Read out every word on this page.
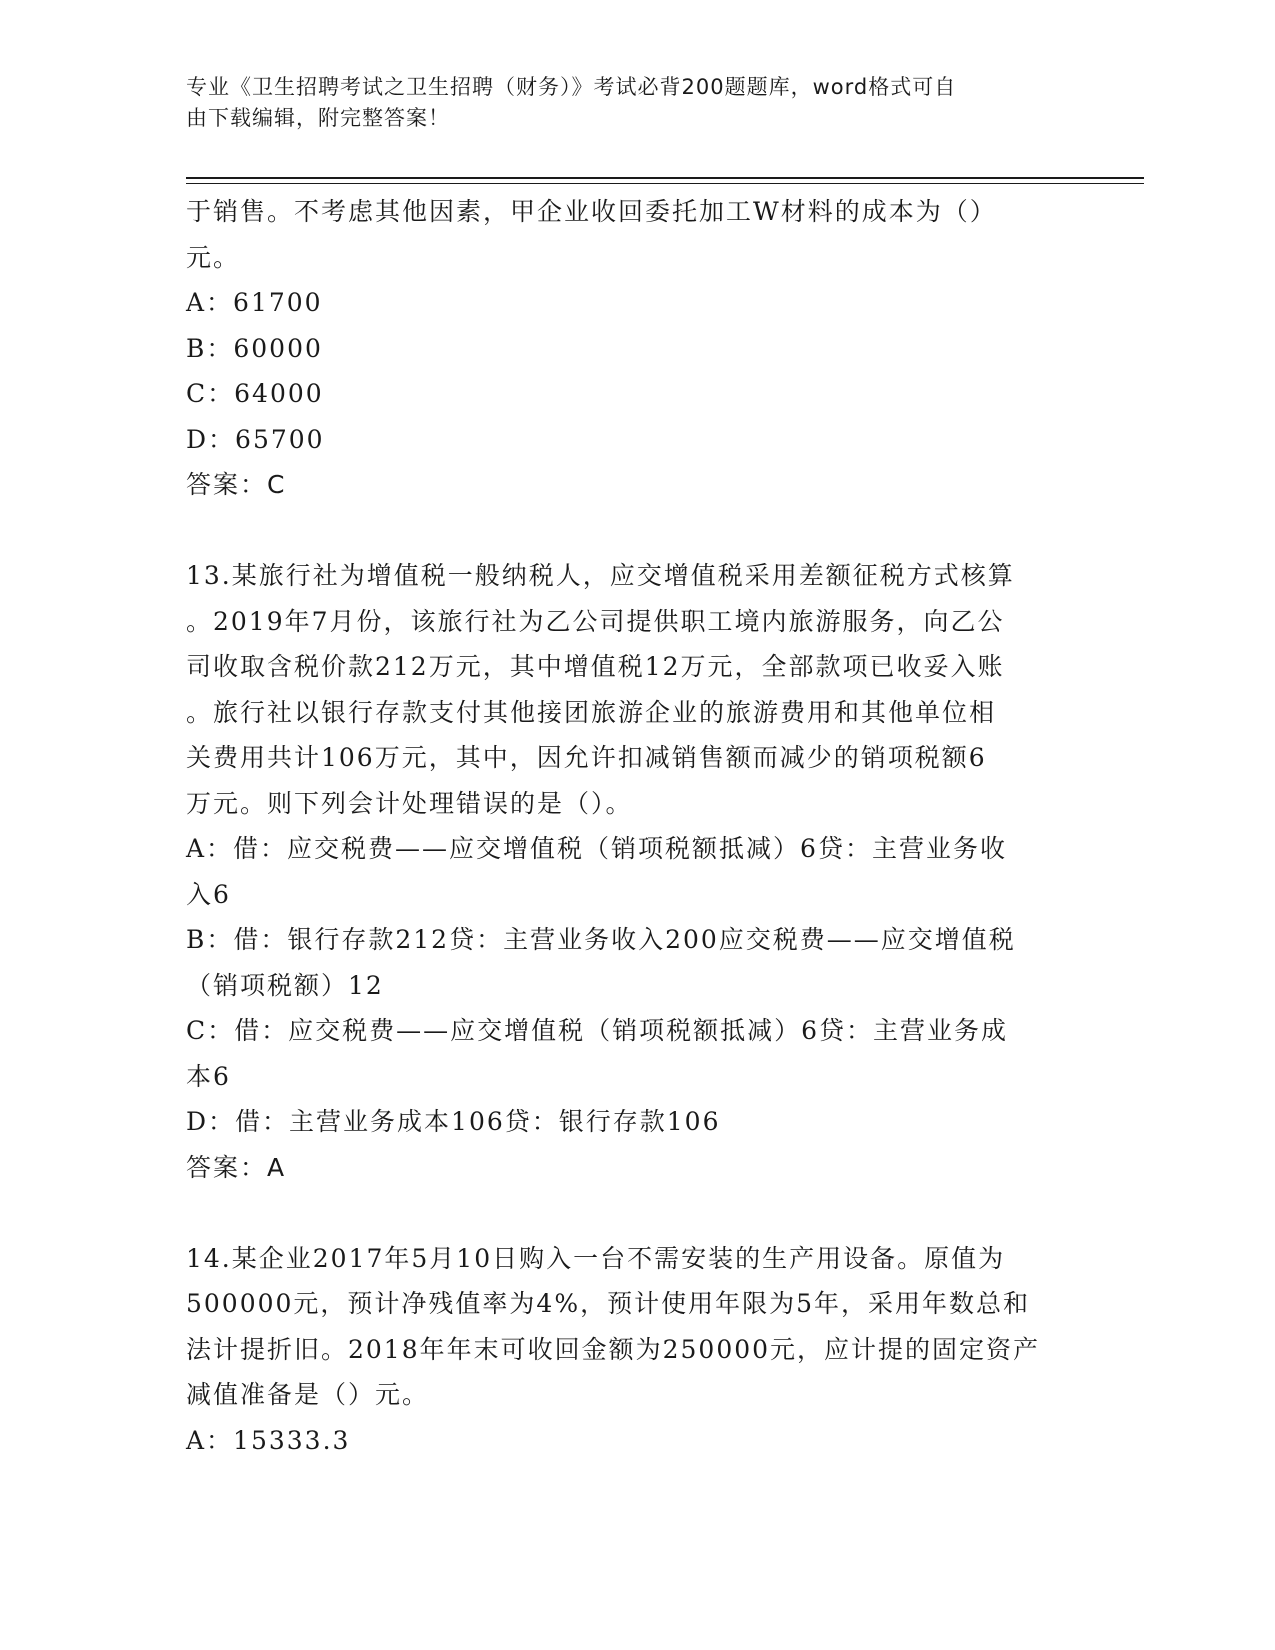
专业《卫生招聘考试之卫生招聘（财务）》考试必背200题题库，word格式可自
由下载编辑，附完整答案！

于销售。不考虑其他因素，甲企业收回委托加工W材料的成本为（）

元。

A：61700

B：60000

C：64000

D：65700

答案：C

13.某旅行社为增值税一般纳税人，应交增值税采用差额征税方式核算

。2019年7月份，该旅行社为乙公司提供职工境内旅游服务，向乙公

司收取含税价款212万元，其中增值税12万元，全部款项已收妥入账

。旅行社以银行存款支付其他接团旅游企业的旅游费用和其他单位相

关费用共计106万元，其中，因允许扣减销售额而减少的销项税额6

万元。则下列会计处理错误的是（）。

A：借：应交税费——应交增值税（销项税额抵减）6贷：主营业务收

入6

B：借：银行存款212贷：主营业务收入200应交税费——应交增值税

（销项税额）12

C：借：应交税费——应交增值税（销项税额抵减）6贷：主营业务成

本6

D：借：主营业务成本106贷：银行存款106

答案：A

14.某企业2017年5月10日购入一台不需安装的生产用设备。原值为

500000元，预计净残值率为4%，预计使用年限为5年，采用年数总和

法计提折旧。2018年年末可收回金额为250000元，应计提的固定资产

减值准备是（）元。

A：15333.3
